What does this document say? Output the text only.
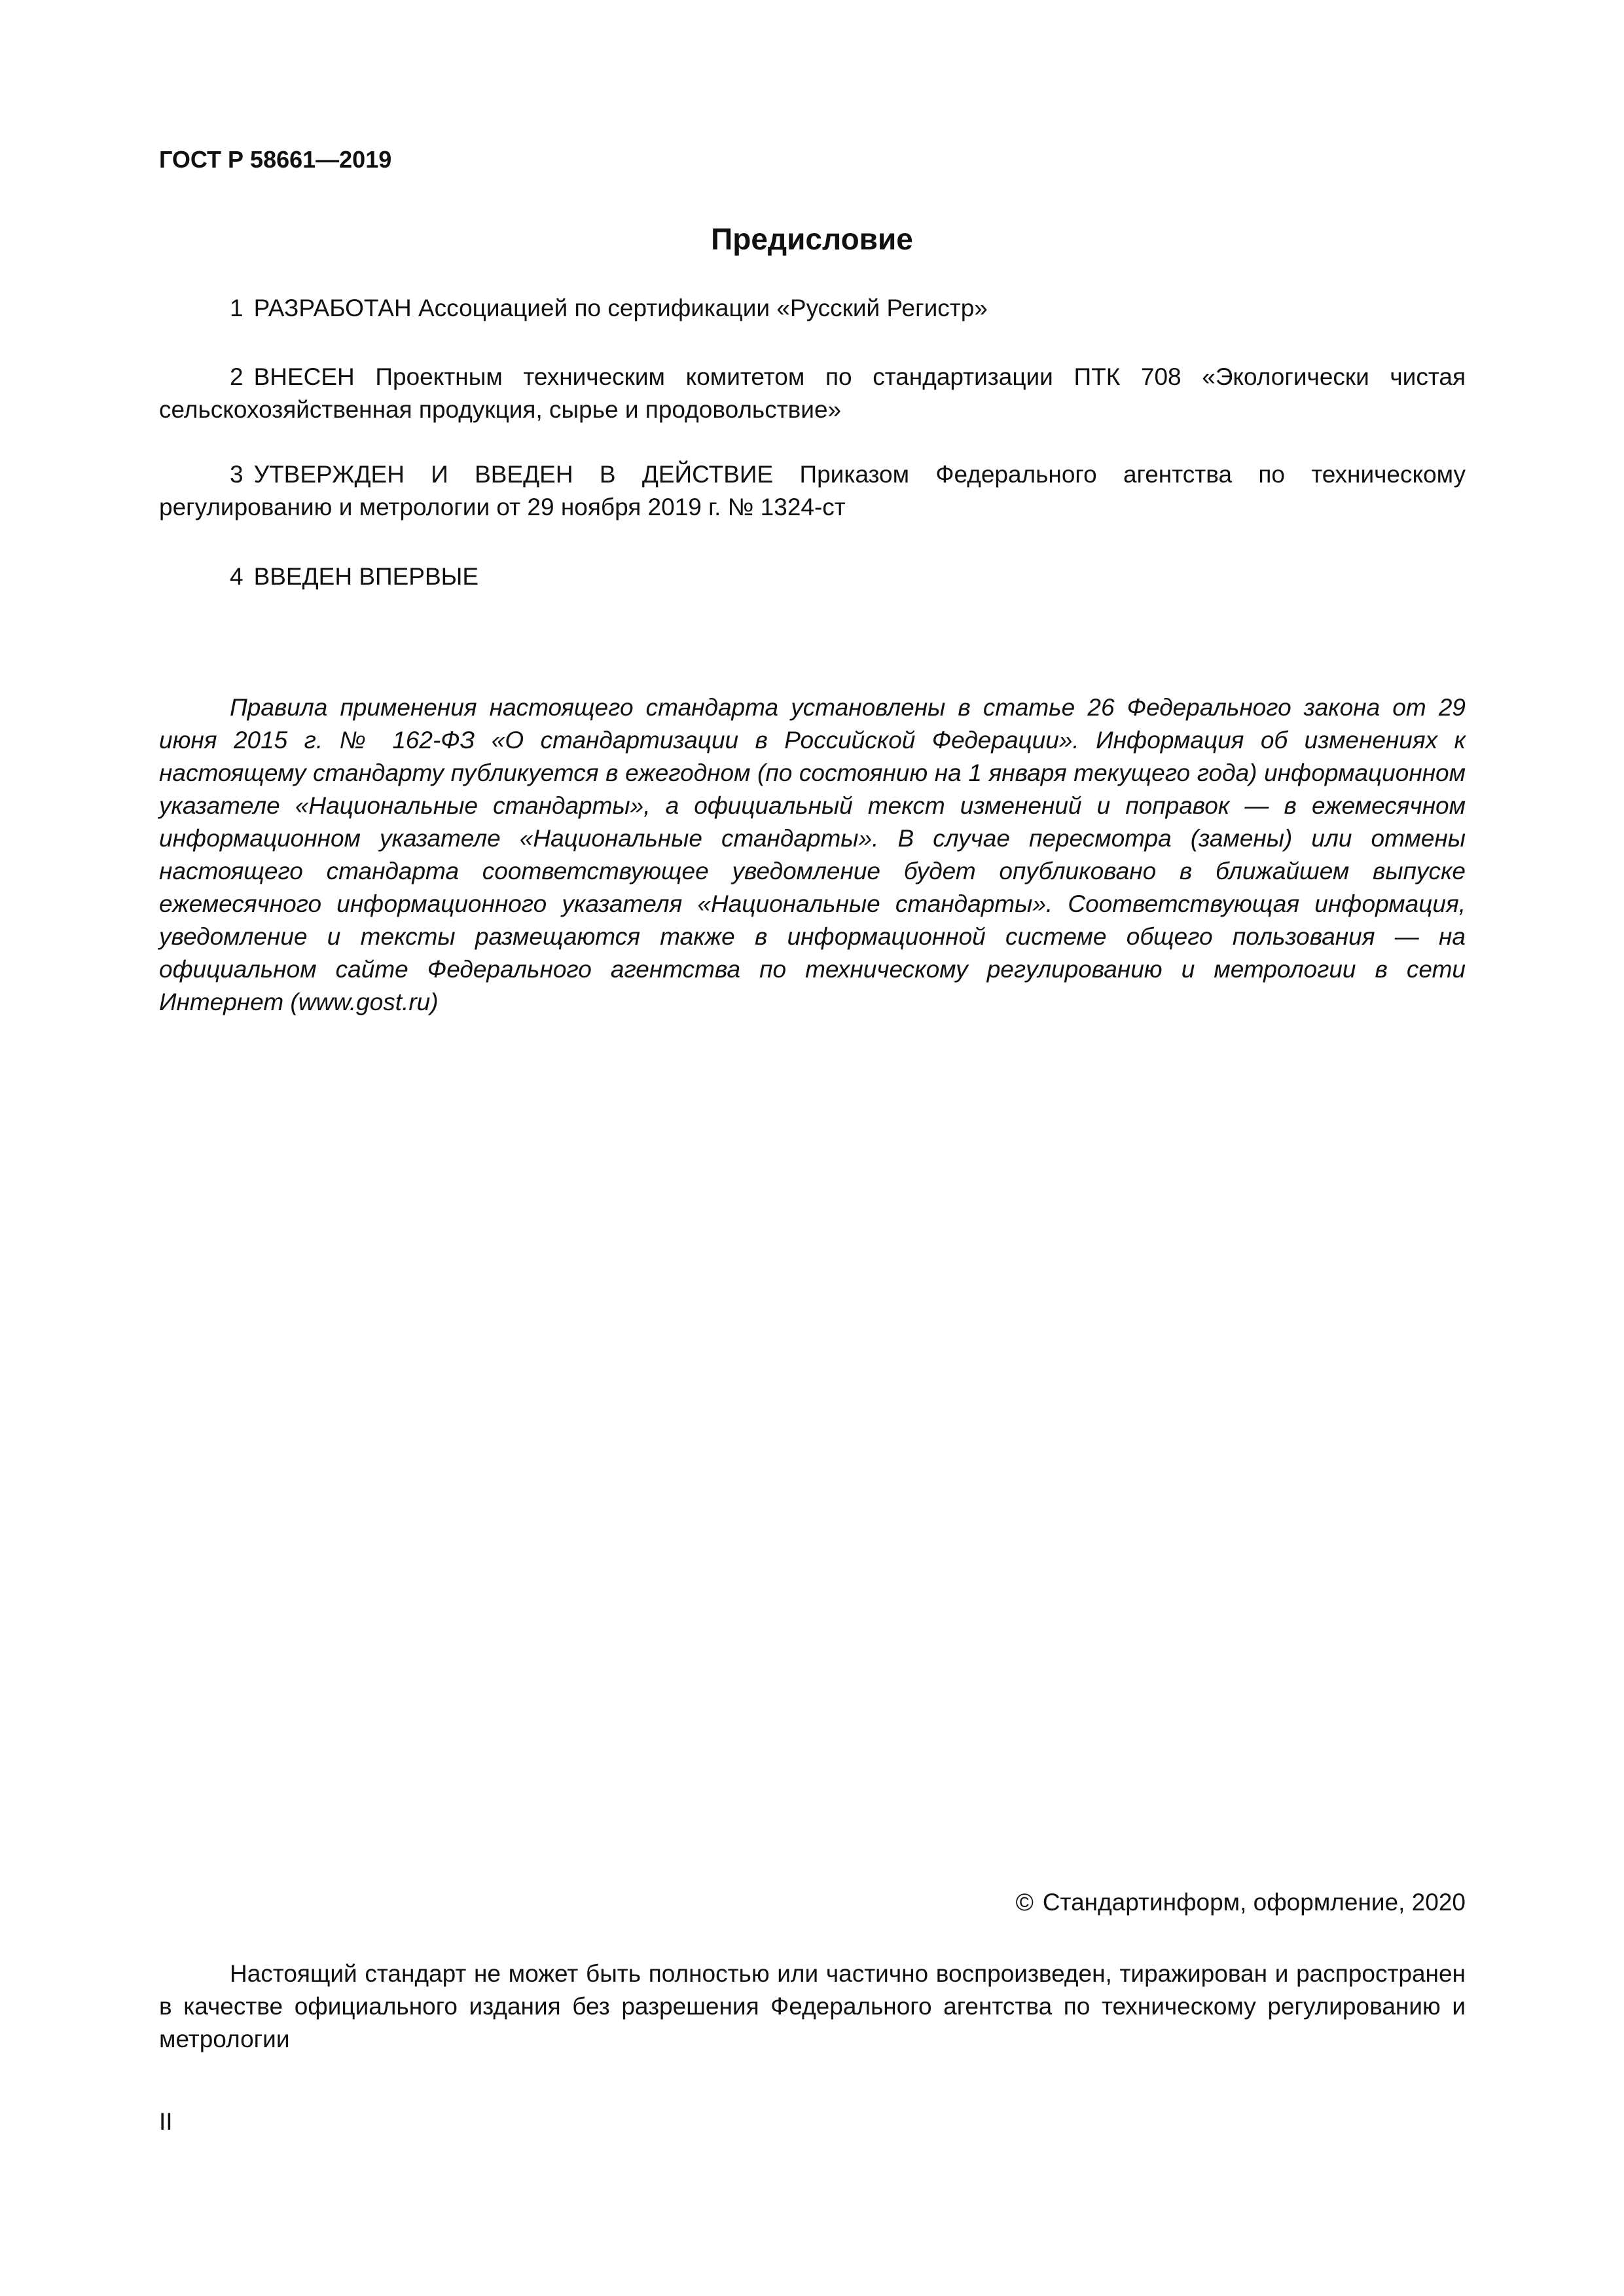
ГОСТ Р 58661—2019
Предисловие

1 РАЗРАБОТАН Ассоциацией по сертификации «Русский Регистр»

2 ВНЕСЕН Проектным техническим комитетом по стандартизации ПТК 708 «Экологически чистая сельскохозяйственная продукция, сырье и продовольствие»

3 УТВЕРЖДЕН И ВВЕДЕН В ДЕЙСТВИЕ Приказом Федерального агентства по техническому регулированию и метрологии от 29 ноября 2019 г. № 1324-ст

4 ВВЕДЕН ВПЕРВЫЕ

Правила применения настоящего стандарта установлены в статье 26 Федерального закона от 29 июня 2015 г. № 162-ФЗ «О стандартизации в Российской Федерации». Информация об изменениях к настоящему стандарту публикуется в ежегодном (по состоянию на 1 января текущего года) информационном указателе «Национальные стандарты», а официальный текст изменений и поправок — в ежемесячном информационном указателе «Национальные стандарты». В случае пересмотра (замены) или отмены настоящего стандарта соответствующее уведомление будет опубликовано в ближайшем выпуске ежемесячного информационного указателя «Национальные стандарты». Соответствующая информация, уведомление и тексты размещаются также в информационной системе общего пользования — на официальном сайте Федерального агентства по техническому регулированию и метрологии в сети Интернет (www.gost.ru)

© Стандартинформ, оформление, 2020

Настоящий стандарт не может быть полностью или частично воспроизведен, тиражирован и распространен в качестве официального издания без разрешения Федерального агентства по техническому регулированию и метрологии

II
